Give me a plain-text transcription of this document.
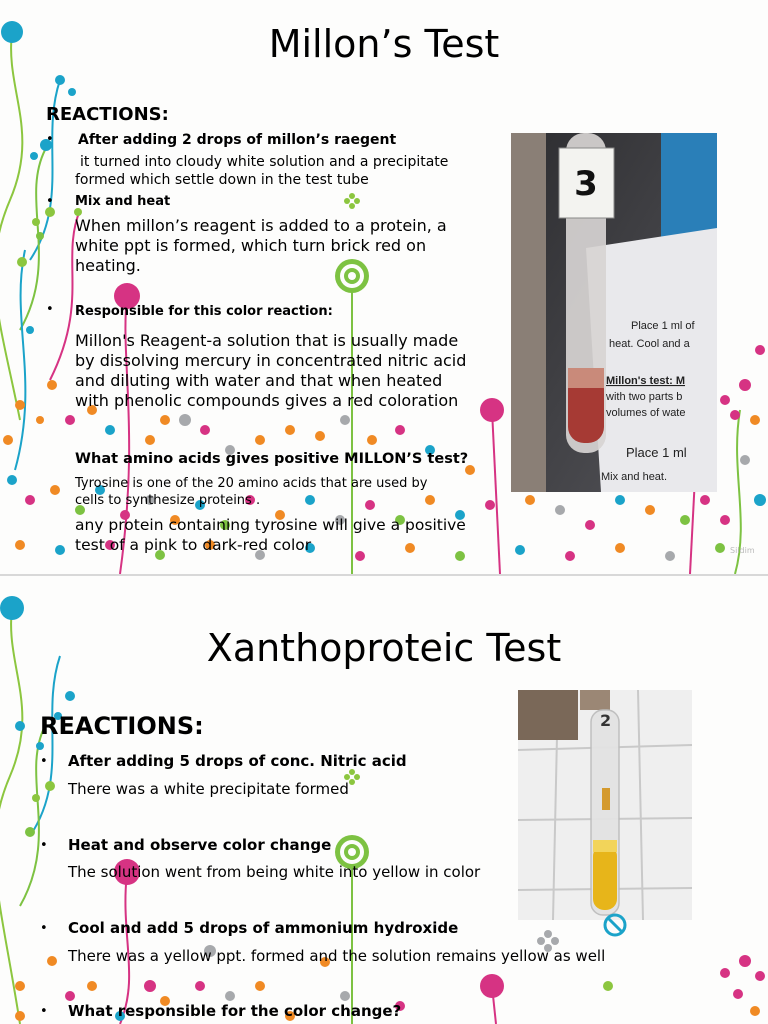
Millon’s Test
REACTIONS:
• After adding 2 drops of millon’s raegent
it turned into cloudy white solution and a precipitate
formed which settle down in the test tube
• Mix and heat
When millon’s reagent is added to a protein, a
white ppt is formed, which turn brick red on
heating.
• Responsible for this color reaction:
Millon's Reagent-a solution that is usually made
by dissolving mercury in concentrated nitric acid
and diluting with water and that when heated
with phenolic compounds gives a red coloration
What amino acids gives positive MILLON’S test?
Tyrosine is one of the 20 amino acids that are used by
cells to synthesize proteins .
any protein containing tyrosine will give a positive
test of a pink to dark-red color
3
Place 1 ml of
heat. Cool and a
Millon's test: M
with two parts b
volumes of wate
Place 1 ml
Mix and heat.
Sildim
Xanthoproteic Test
REACTIONS:
• After adding 5 drops of conc. Nitric acid
There was a white precipitate formed
• Heat and observe color change
The solution went from being white into yellow in color
• Cool and add 5 drops of ammonium hydroxide
There was a yellow ppt. formed and the solution remains yellow as well
• What responsible for the color change?
2
